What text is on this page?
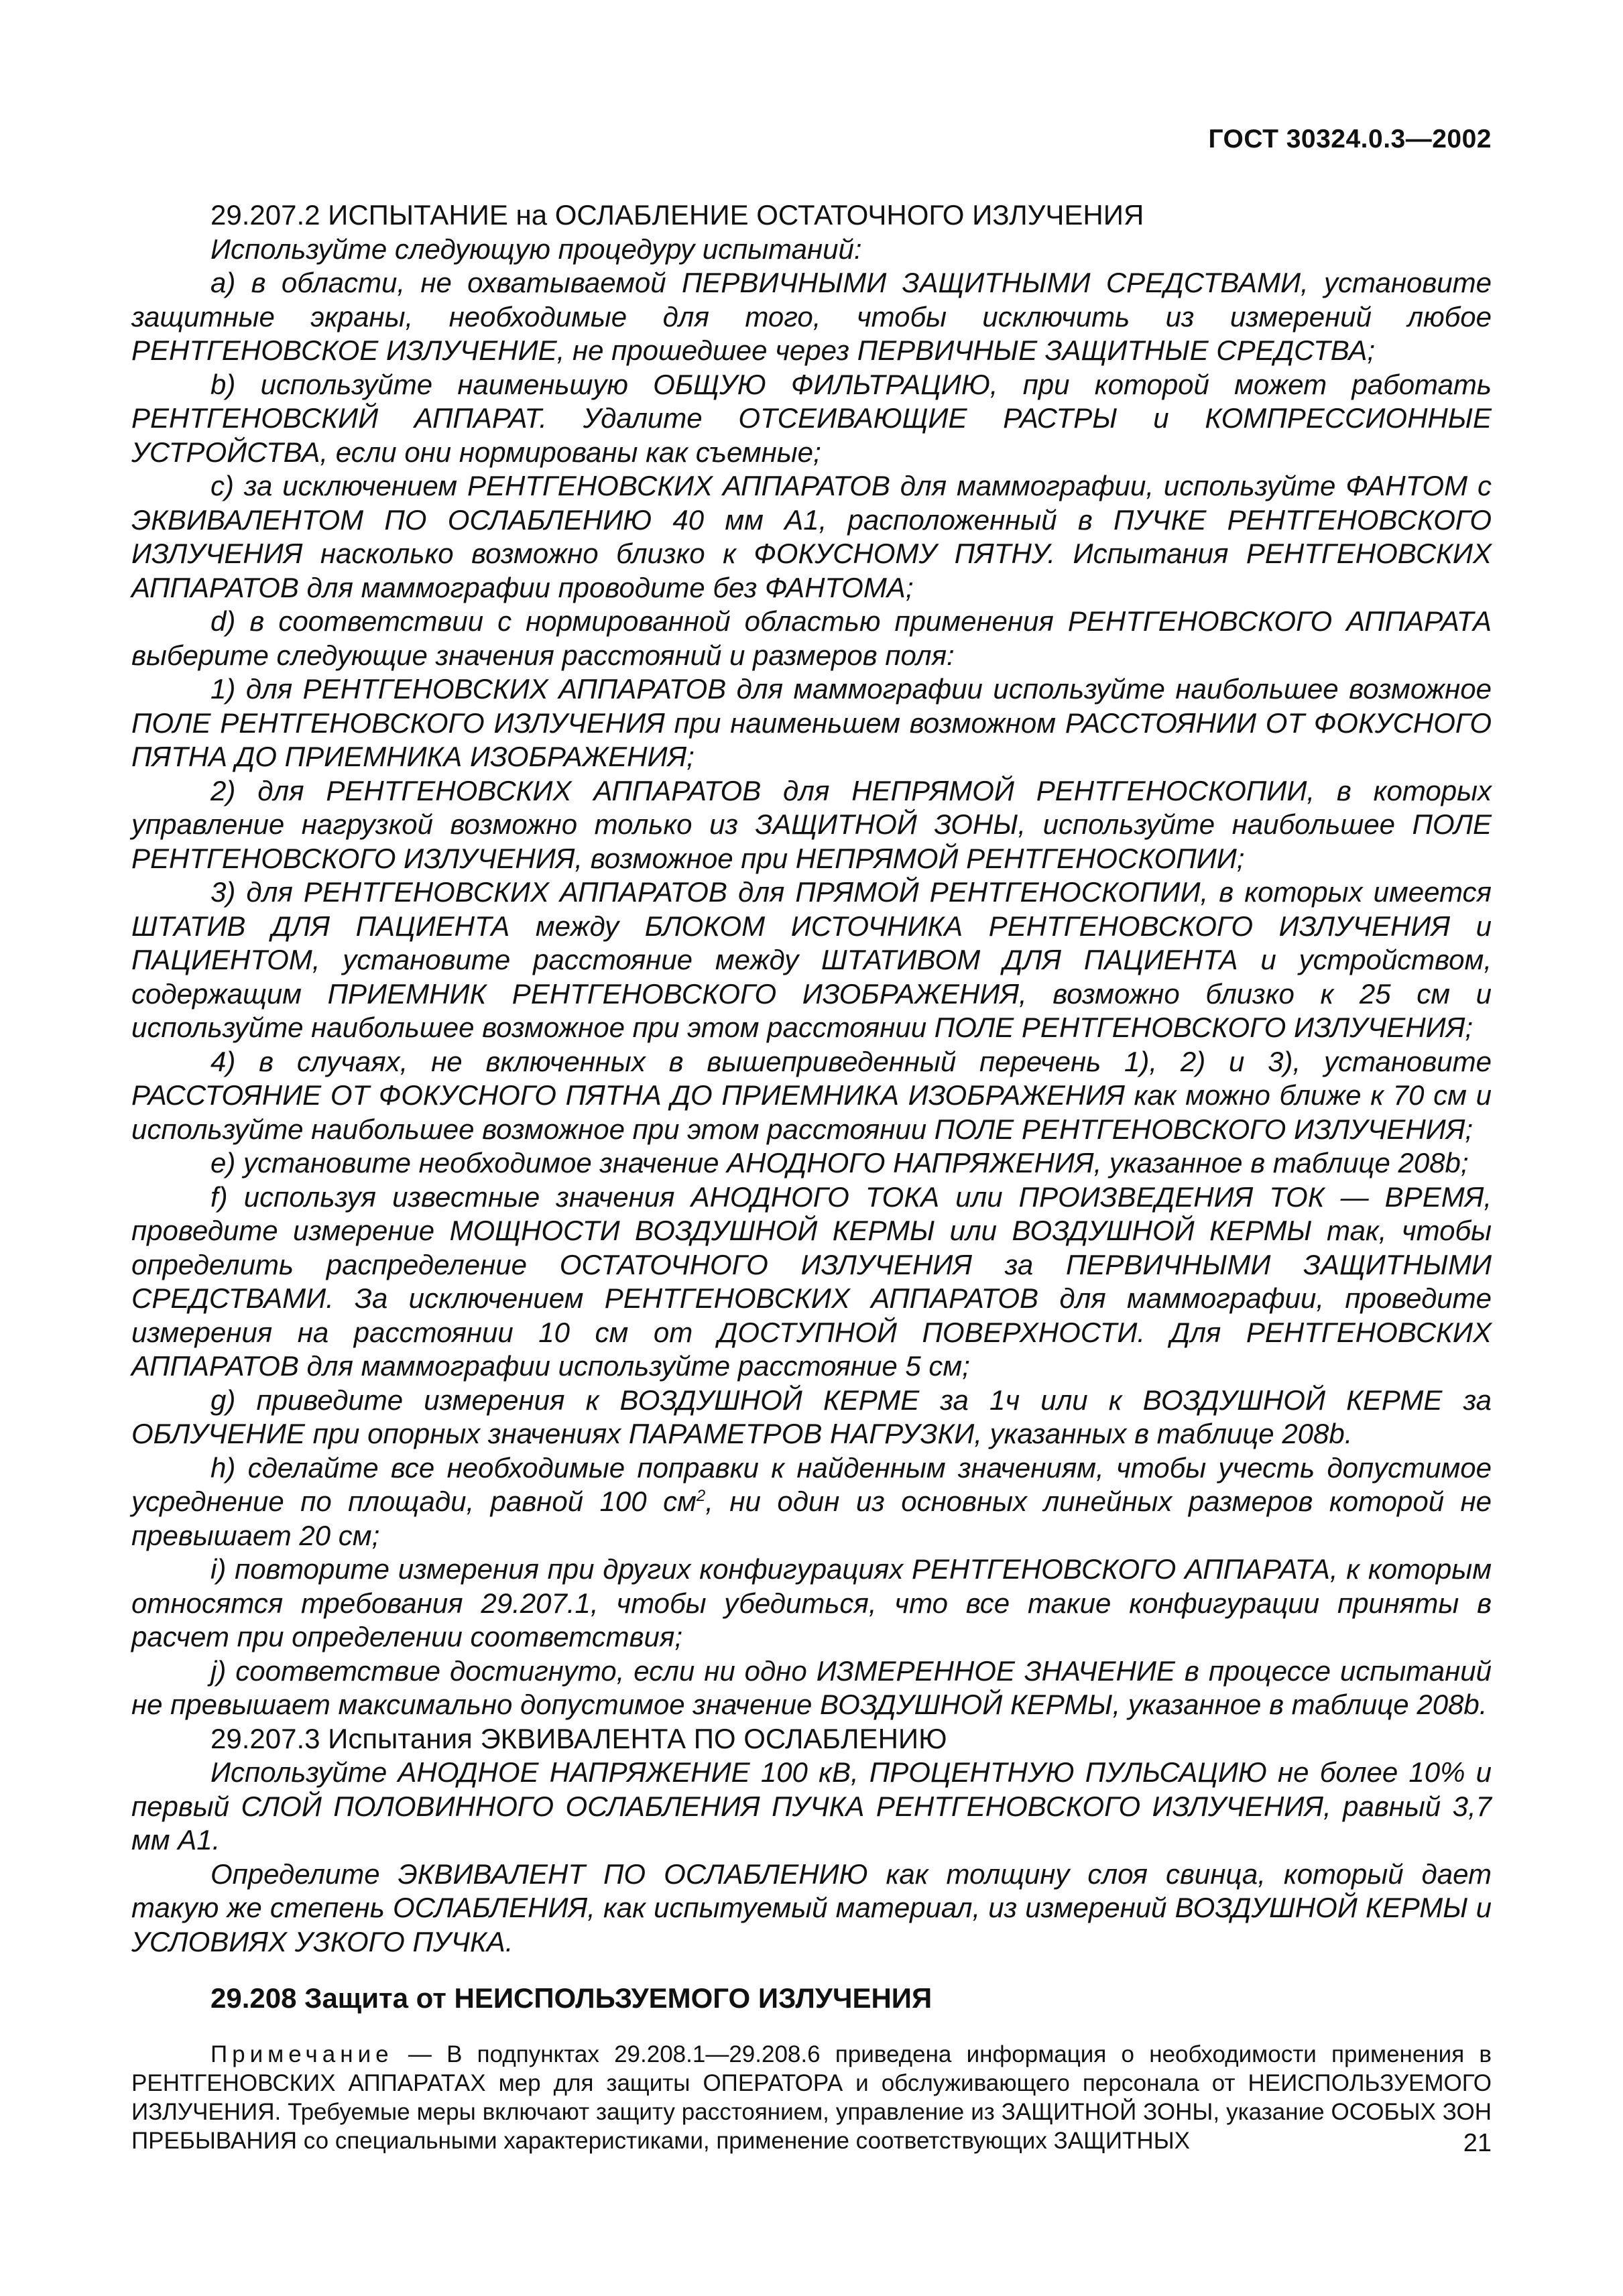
ГОСТ 30324.0.3—2002

29.207.2 ИСПЫТАНИЕ на ОСЛАБЛЕНИЕ ОСТАТОЧНОГО ИЗЛУЧЕНИЯ

Используйте следующую процедуру испытаний:

a) в области, не охватываемой ПЕРВИЧНЫМИ ЗАЩИТНЫМИ СРЕДСТВАМИ, установите защитные экраны, необходимые для того, чтобы исключить из измерений любое РЕНТГЕНОВСКОЕ ИЗЛУЧЕНИЕ, не прошедшее через ПЕРВИЧНЫЕ ЗАЩИТНЫЕ СРЕДСТВА;

b) используйте наименьшую ОБЩУЮ ФИЛЬТРАЦИЮ, при которой может работать РЕНТГЕНОВСКИЙ АППАРАТ. Удалите ОТСЕИВАЮЩИЕ РАСТРЫ и КОМПРЕССИОННЫЕ УСТРОЙСТВА, если они нормированы как съемные;

c) за исключением РЕНТГЕНОВСКИХ АППАРАТОВ для маммографии, используйте ФАНТОМ с ЭКВИВАЛЕНТОМ ПО ОСЛАБЛЕНИЮ 40 мм А1, расположенный в ПУЧКЕ РЕНТГЕНОВСКОГО ИЗЛУЧЕНИЯ насколько возможно близко к ФОКУСНОМУ ПЯТНУ. Испытания РЕНТГЕНОВСКИХ АППАРАТОВ для маммографии проводите без ФАНТОМА;

d) в соответствии с нормированной областью применения РЕНТГЕНОВСКОГО АППАРАТА выберите следующие значения расстояний и размеров поля:

1) для РЕНТГЕНОВСКИХ АППАРАТОВ для маммографии используйте наибольшее возможное ПОЛЕ РЕНТГЕНОВСКОГО ИЗЛУЧЕНИЯ при наименьшем возможном РАССТОЯНИИ ОТ ФОКУСНОГО ПЯТНА ДО ПРИЕМНИКА ИЗОБРАЖЕНИЯ;

2) для РЕНТГЕНОВСКИХ АППАРАТОВ для НЕПРЯМОЙ РЕНТГЕНОСКОПИИ, в которых управление нагрузкой возможно только из ЗАЩИТНОЙ ЗОНЫ, используйте наибольшее ПОЛЕ РЕНТГЕНОВСКОГО ИЗЛУЧЕНИЯ, возможное при НЕПРЯМОЙ РЕНТГЕНОСКОПИИ;

3) для РЕНТГЕНОВСКИХ АППАРАТОВ для ПРЯМОЙ РЕНТГЕНОСКОПИИ, в которых имеется ШТАТИВ ДЛЯ ПАЦИЕНТА между БЛОКОМ ИСТОЧНИКА РЕНТГЕНОВСКОГО ИЗЛУЧЕНИЯ и ПАЦИЕНТОМ, установите расстояние между ШТАТИВОМ ДЛЯ ПАЦИЕНТА и устройством, содержащим ПРИЕМНИК РЕНТГЕНОВСКОГО ИЗОБРАЖЕНИЯ, возможно близко к 25 см и используйте наибольшее возможное при этом расстоянии ПОЛЕ РЕНТГЕНОВСКОГО ИЗЛУЧЕНИЯ;

4) в случаях, не включенных в вышеприведенный перечень 1), 2) и 3), установите РАССТОЯНИЕ ОТ ФОКУСНОГО ПЯТНА ДО ПРИЕМНИКА ИЗОБРАЖЕНИЯ как можно ближе к 70 см и используйте наибольшее возможное при этом расстоянии ПОЛЕ РЕНТГЕНОВСКОГО ИЗЛУЧЕНИЯ;

e) установите необходимое значение АНОДНОГО НАПРЯЖЕНИЯ, указанное в таблице 208b;

f) используя известные значения АНОДНОГО ТОКА или ПРОИЗВЕДЕНИЯ ТОК — ВРЕМЯ, проведите измерение МОЩНОСТИ ВОЗДУШНОЙ КЕРМЫ или ВОЗДУШНОЙ КЕРМЫ так, чтобы определить распределение ОСТАТОЧНОГО ИЗЛУЧЕНИЯ за ПЕРВИЧНЫМИ ЗАЩИТНЫМИ СРЕДСТВАМИ. За исключением РЕНТГЕНОВСКИХ АППАРАТОВ для маммографии, проведите измерения на расстоянии 10 см от ДОСТУПНОЙ ПОВЕРХНОСТИ. Для РЕНТГЕНОВСКИХ АППАРАТОВ для маммографии используйте расстояние 5 см;

g) приведите измерения к ВОЗДУШНОЙ КЕРМЕ за 1ч или к ВОЗДУШНОЙ КЕРМЕ за ОБЛУЧЕНИЕ при опорных значениях ПАРАМЕТРОВ НАГРУЗКИ, указанных в таблице 208b.

h) сделайте все необходимые поправки к найденным значениям, чтобы учесть допустимое усреднение по площади, равной 100 $см^2$, ни один из основных линейных размеров которой не превышает 20 см;

i) повторите измерения при других конфигурациях РЕНТГЕНОВСКОГО АППАРАТА, к которым относятся требования 29.207.1, чтобы убедиться, что все такие конфигурации приняты в расчет при определении соответствия;

j) соответствие достигнуто, если ни одно ИЗМЕРЕННОЕ ЗНАЧЕНИЕ в процессе испытаний не превышает максимально допустимое значение ВОЗДУШНОЙ КЕРМЫ, указанное в таблице 208b.

29.207.3 Испытания ЭКВИВАЛЕНТА ПО ОСЛАБЛЕНИЮ

Используйте АНОДНОЕ НАПРЯЖЕНИЕ 100 кВ, ПРОЦЕНТНУЮ ПУЛЬСАЦИЮ не более 10% и первый СЛОЙ ПОЛОВИННОГО ОСЛАБЛЕНИЯ ПУЧКА РЕНТГЕНОВСКОГО ИЗЛУЧЕНИЯ, равный 3,7 мм А1.

Определите ЭКВИВАЛЕНТ ПО ОСЛАБЛЕНИЮ как толщину слоя свинца, который дает такую же степень ОСЛАБЛЕНИЯ, как испытуемый материал, из измерений ВОЗДУШНОЙ КЕРМЫ и УСЛОВИЯХ УЗКОГО ПУЧКА.

29.208 Защита от НЕИСПОЛЬЗУЕМОГО ИЗЛУЧЕНИЯ

Примечание — В подпунктах 29.208.1—29.208.6 приведена информация о необходимости применения в РЕНТГЕНОВСКИХ АППАРАТАХ мер для защиты ОПЕРАТОРА и обслуживающего персонала от НЕИСПОЛЬЗУЕМОГО ИЗЛУЧЕНИЯ. Требуемые меры включают защиту расстоянием, управление из ЗАЩИТНОЙ ЗОНЫ, указание ОСОБЫХ ЗОН ПРЕБЫВАНИЯ со специальными характеристиками, применение соответствующих ЗАЩИТНЫХ	21
